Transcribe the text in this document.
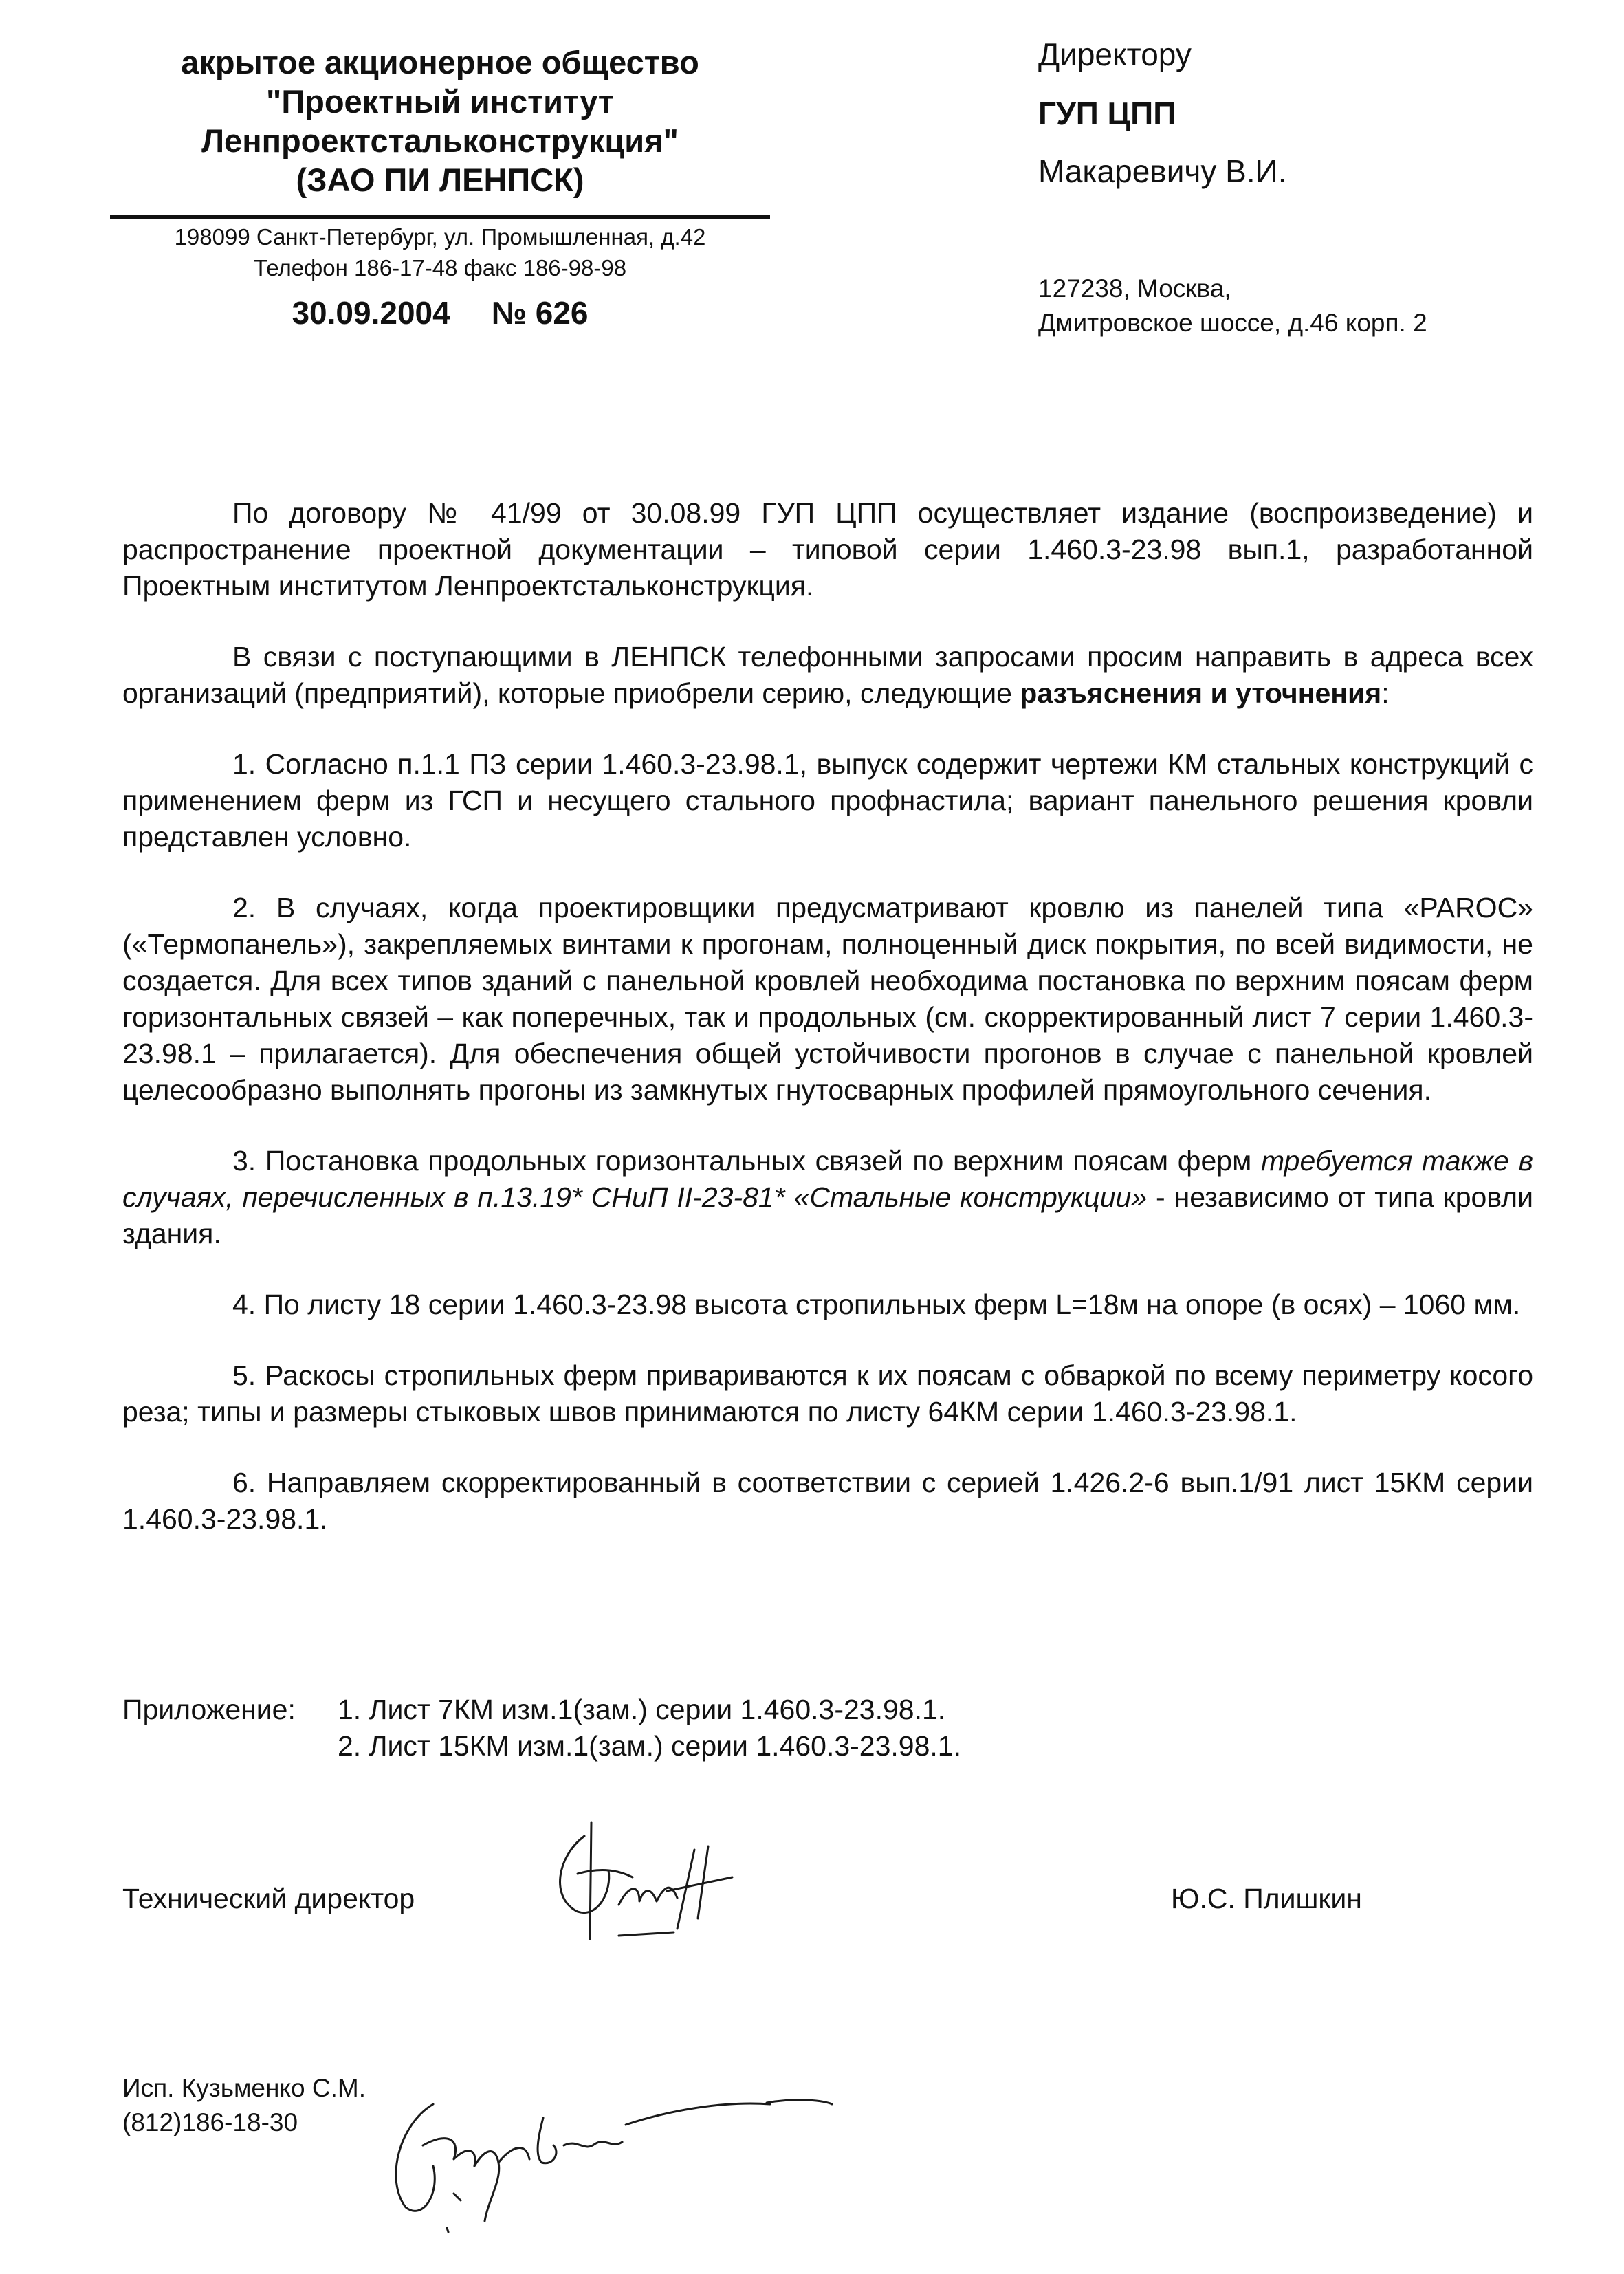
акрытое акционерное общество

"Проектный институт

Ленпроектстальконструкция"

(ЗАО ПИ ЛЕНПСК)

198099 Санкт-Петербург, ул. Промышленная, д.42
Телефон 186-17-48 факс 186-98-98
30.09.2004 № 626
Директору
ГУП ЦПП
Макаревичу В.И.
127238, Москва,
Дмитровское шоссе, д.46 корп. 2

По договору № 41/99 от 30.08.99 ГУП ЦПП осуществляет издание (воспроизведение) и распространение проектной документации – типовой серии 1.460.3-23.98 вып.1, разработанной Проектным институтом Ленпроектстальконструкция.

В связи с поступающими в ЛЕНПСК телефонными запросами просим направить в адреса всех организаций (предприятий), которые приобрели серию, следующие разъяснения и уточнения:

1. Согласно п.1.1 ПЗ серии 1.460.3-23.98.1, выпуск содержит чертежи КМ стальных конструкций с применением ферм из ГСП и несущего стального профнастила; вариант панельного решения кровли представлен условно.

2. В случаях, когда проектировщики предусматривают кровлю из панелей типа «PAROC» («Термопанель»), закрепляемых винтами к прогонам, полноценный диск покрытия, по всей видимости, не создается. Для всех типов зданий с панельной кровлей необходима постановка по верхним поясам ферм горизонтальных связей – как поперечных, так и продольных (см. скорректированный лист 7 серии 1.460.3-23.98.1 – прилагается). Для обеспечения общей устойчивости прогонов в случае с панельной кровлей целесообразно выполнять прогоны из замкнутых гнутосварных профилей прямоугольного сечения.

3. Постановка продольных горизонтальных связей по верхним поясам ферм требуется также в случаях, перечисленных в п.13.19* СНиП II-23-81* «Стальные конструкции» - независимо от типа кровли здания.

4. По листу 18 серии 1.460.3-23.98 высота стропильных ферм L=18м на опоре (в осях) – 1060 мм.

5. Раскосы стропильных ферм привариваются к их поясам с обваркой по всему периметру косого реза; типы и размеры стыковых швов принимаются по листу 64КМ серии 1.460.3-23.98.1.

6. Направляем скорректированный в соответствии с серией 1.426.2-6 вып.1/91 лист 15КМ серии 1.460.3-23.98.1.

Приложение:	1. Лист 7КМ изм.1(зам.) серии 1.460.3-23.98.1.
2. Лист 15КМ изм.1(зам.) серии 1.460.3-23.98.1.
Технический директор	Ю.С. Плишкин
Исп. Кузьменко С.М.
(812)186-18-30
